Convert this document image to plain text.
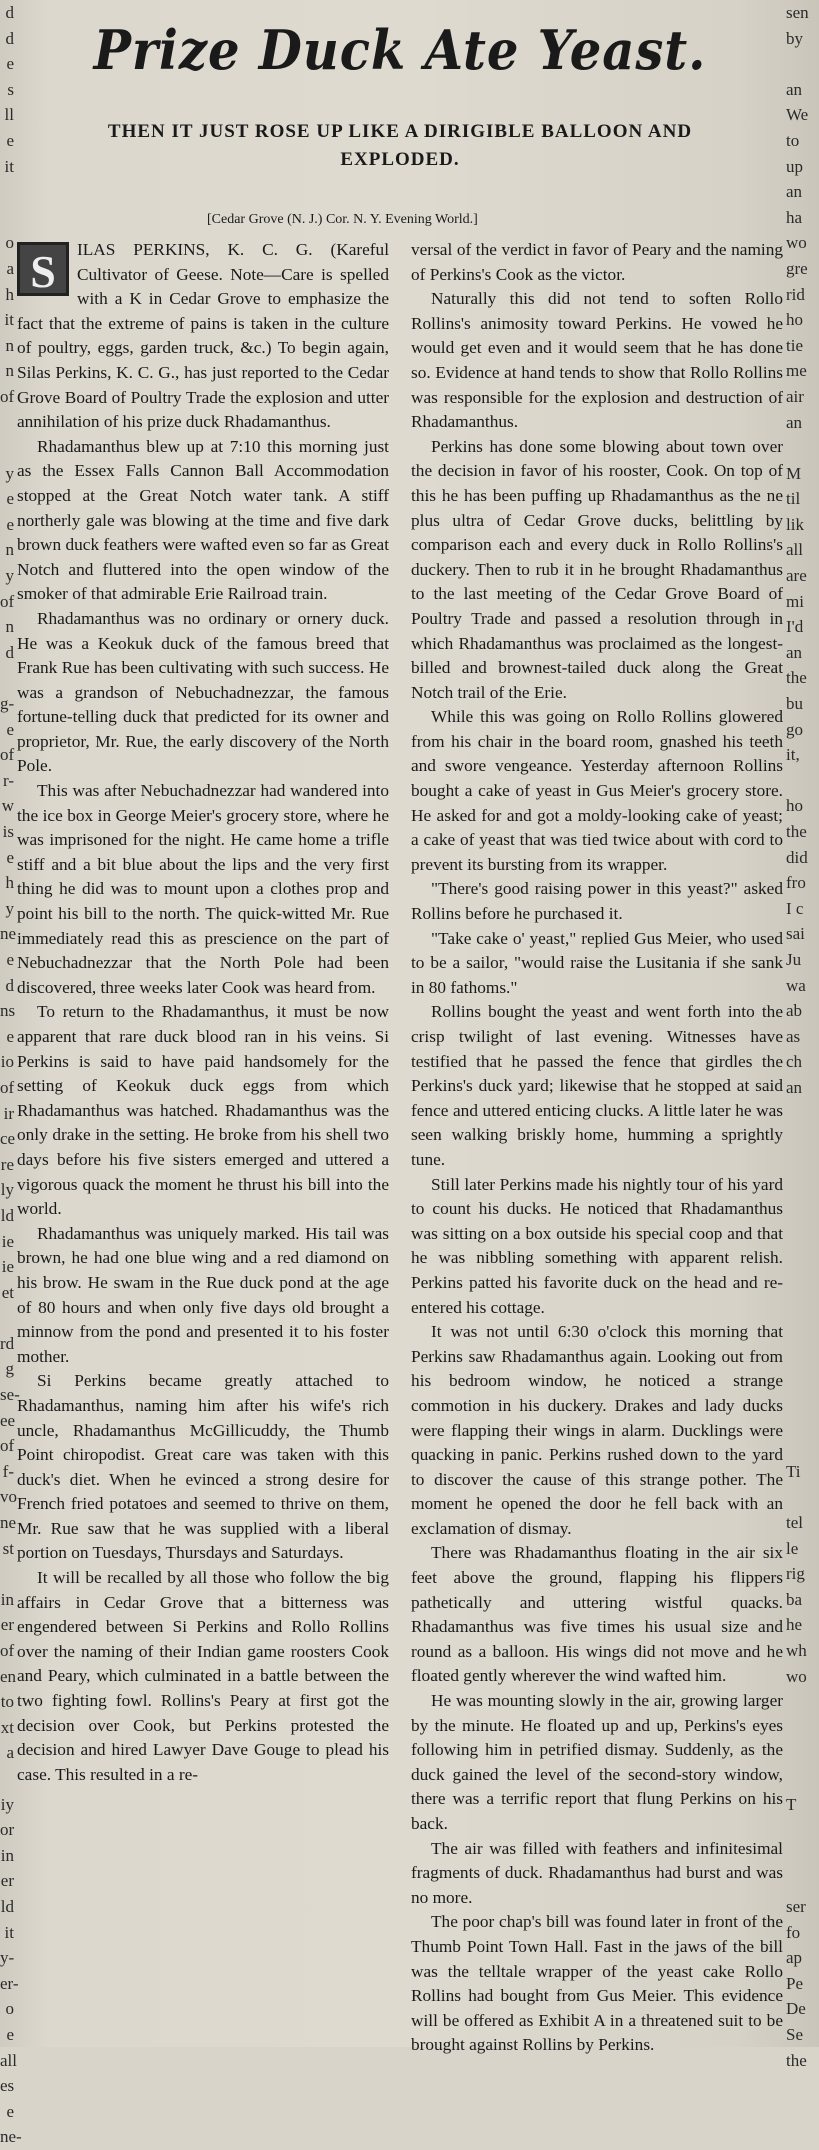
d
d
e
s
ll
e
it
o
a
h
it
n
n
of
y
e
e
n
y
of
n
d
g-
e
of
r-
w
is
e
h
y
ne
e
d
ns
e
io
of
ir
ce
re
ly
ld
ie
ie
et
rd
g
se-
ee
of
f-
vo
ne
st
in
er
of
en
to
xt
a
iy
or
in
er
ld
it
y-
er-
o
e
all
es
e
ne-
sen
by
an
We
to
up
an
ha
wo
gre
rid
ho
tie
me
air
an
M
til
lik
all
are
mi
I'd
an
the
bu
go
it,
ho
the
did
fro
I c
sai
Ju
wa
ab
as
ch
an
Ti
tel
le
rig
ba
he
wh
wo
T
ser
fo
ap
Pe
De
Se
the
Prize Duck Ate Yeast.
THEN IT JUST ROSE UP LIKE A DIRIGIBLE BALLOON AND EXPLODED.
[Cedar Grove (N. J.) Cor. N. Y. Evening World.]

S	ILAS PERKINS, K. C. G. (Kareful Cultivator of Geese. Note—Care is spelled with a K in Cedar Grove to emphasize the fact that the extreme of pains is taken in the culture of poultry, eggs, garden truck, &c.) To begin again, Silas Perkins, K. C. G., has just reported to the Cedar Grove Board of Poultry Trade the explosion and utter annihilation of his prize duck Rhadamanthus.

Rhadamanthus blew up at 7:10 this morning just as the Essex Falls Cannon Ball Accommodation stopped at the Great Notch water tank. A stiff northerly gale was blowing at the time and five dark brown duck feathers were wafted even so far as Great Notch and fluttered into the open window of the smoker of that admirable Erie Railroad train.

Rhadamanthus was no ordinary or ornery duck. He was a Keokuk duck of the famous breed that Frank Rue has been cultivating with such success. He was a grandson of Nebuchadnezzar, the famous fortune-telling duck that predicted for its owner and proprietor, Mr. Rue, the early discovery of the North Pole.

This was after Nebuchadnezzar had wandered into the ice box in George Meier's grocery store, where he was imprisoned for the night. He came home a trifle stiff and a bit blue about the lips and the very first thing he did was to mount upon a clothes prop and point his bill to the north. The quick-witted Mr. Rue immediately read this as prescience on the part of Nebuchadnezzar that the North Pole had been discovered, three weeks later Cook was heard from.

To return to the Rhadamanthus, it must be now apparent that rare duck blood ran in his veins. Si Perkins is said to have paid handsomely for the setting of Keokuk duck eggs from which Rhadamanthus was hatched. Rhadamanthus was the only drake in the setting. He broke from his shell two days before his five sisters emerged and uttered a vigorous quack the moment he thrust his bill into the world.

Rhadamanthus was uniquely marked. His tail was brown, he had one blue wing and a red diamond on his brow. He swam in the Rue duck pond at the age of 80 hours and when only five days old brought a minnow from the pond and presented it to his foster mother.

Si Perkins became greatly attached to Rhadamanthus, naming him after his wife's rich uncle, Rhadamanthus McGillicuddy, the Thumb Point chiropodist. Great care was taken with this duck's diet. When he evinced a strong desire for French fried potatoes and seemed to thrive on them, Mr. Rue saw that he was supplied with a liberal portion on Tuesdays, Thursdays and Saturdays.

It will be recalled by all those who follow the big affairs in Cedar Grove that a bitterness was engendered between Si Perkins and Rollo Rollins over the naming of their Indian game roosters Cook and Peary, which culminated in a battle between the two fighting fowl. Rollins's Peary at first got the decision over Cook, but Perkins protested the decision and hired Lawyer Dave Gouge to plead his case. This resulted in a re-

versal of the verdict in favor of Peary and the naming of Perkins's Cook as the victor.

Naturally this did not tend to soften Rollo Rollins's animosity toward Perkins. He vowed he would get even and it would seem that he has done so. Evidence at hand tends to show that Rollo Rollins was responsible for the explosion and destruction of Rhadamanthus.

Perkins has done some blowing about town over the decision in favor of his rooster, Cook. On top of this he has been puffing up Rhadamanthus as the ne plus ultra of Cedar Grove ducks, belittling by comparison each and every duck in Rollo Rollins's duckery. Then to rub it in he brought Rhadamanthus to the last meeting of the Cedar Grove Board of Poultry Trade and passed a resolution through in which Rhadamanthus was proclaimed as the longest-billed and brownest-tailed duck along the Great Notch trail of the Erie.

While this was going on Rollo Rollins glowered from his chair in the board room, gnashed his teeth and swore vengeance. Yesterday afternoon Rollins bought a cake of yeast in Gus Meier's grocery store. He asked for and got a moldy-looking cake of yeast; a cake of yeast that was tied twice about with cord to prevent its bursting from its wrapper.

"There's good raising power in this yeast?" asked Rollins before he purchased it.

"Take cake o' yeast," replied Gus Meier, who used to be a sailor, "would raise the Lusitania if she sank in 80 fathoms."

Rollins bought the yeast and went forth into the crisp twilight of last evening. Witnesses have testified that he passed the fence that girdles the Perkins's duck yard; likewise that he stopped at said fence and uttered enticing clucks. A little later he was seen walking briskly home, humming a sprightly tune.

Still later Perkins made his nightly tour of his yard to count his ducks. He noticed that Rhadamanthus was sitting on a box outside his special coop and that he was nibbling something with apparent relish. Perkins patted his favorite duck on the head and re-entered his cottage.

It was not until 6:30 o'clock this morning that Perkins saw Rhadamanthus again. Looking out from his bedroom window, he noticed a strange commotion in his duckery. Drakes and lady ducks were flapping their wings in alarm. Ducklings were quacking in panic. Perkins rushed down to the yard to discover the cause of this strange pother. The moment he opened the door he fell back with an exclamation of dismay.

There was Rhadamanthus floating in the air six feet above the ground, flapping his flippers pathetically and uttering wistful quacks. Rhadamanthus was five times his usual size and round as a balloon. His wings did not move and he floated gently wherever the wind wafted him.

He was mounting slowly in the air, growing larger by the minute. He floated up and up, Perkins's eyes following him in petrified dismay. Suddenly, as the duck gained the level of the second-story window, there was a terrific report that flung Perkins on his back.

The air was filled with feathers and infinitesimal fragments of duck. Rhadamanthus had burst and was no more.

The poor chap's bill was found later in front of the Thumb Point Town Hall. Fast in the jaws of the bill was the telltale wrapper of the yeast cake Rollo Rollins had bought from Gus Meier. This evidence will be offered as Exhibit A in a threatened suit to be brought against Rollins by Perkins.
